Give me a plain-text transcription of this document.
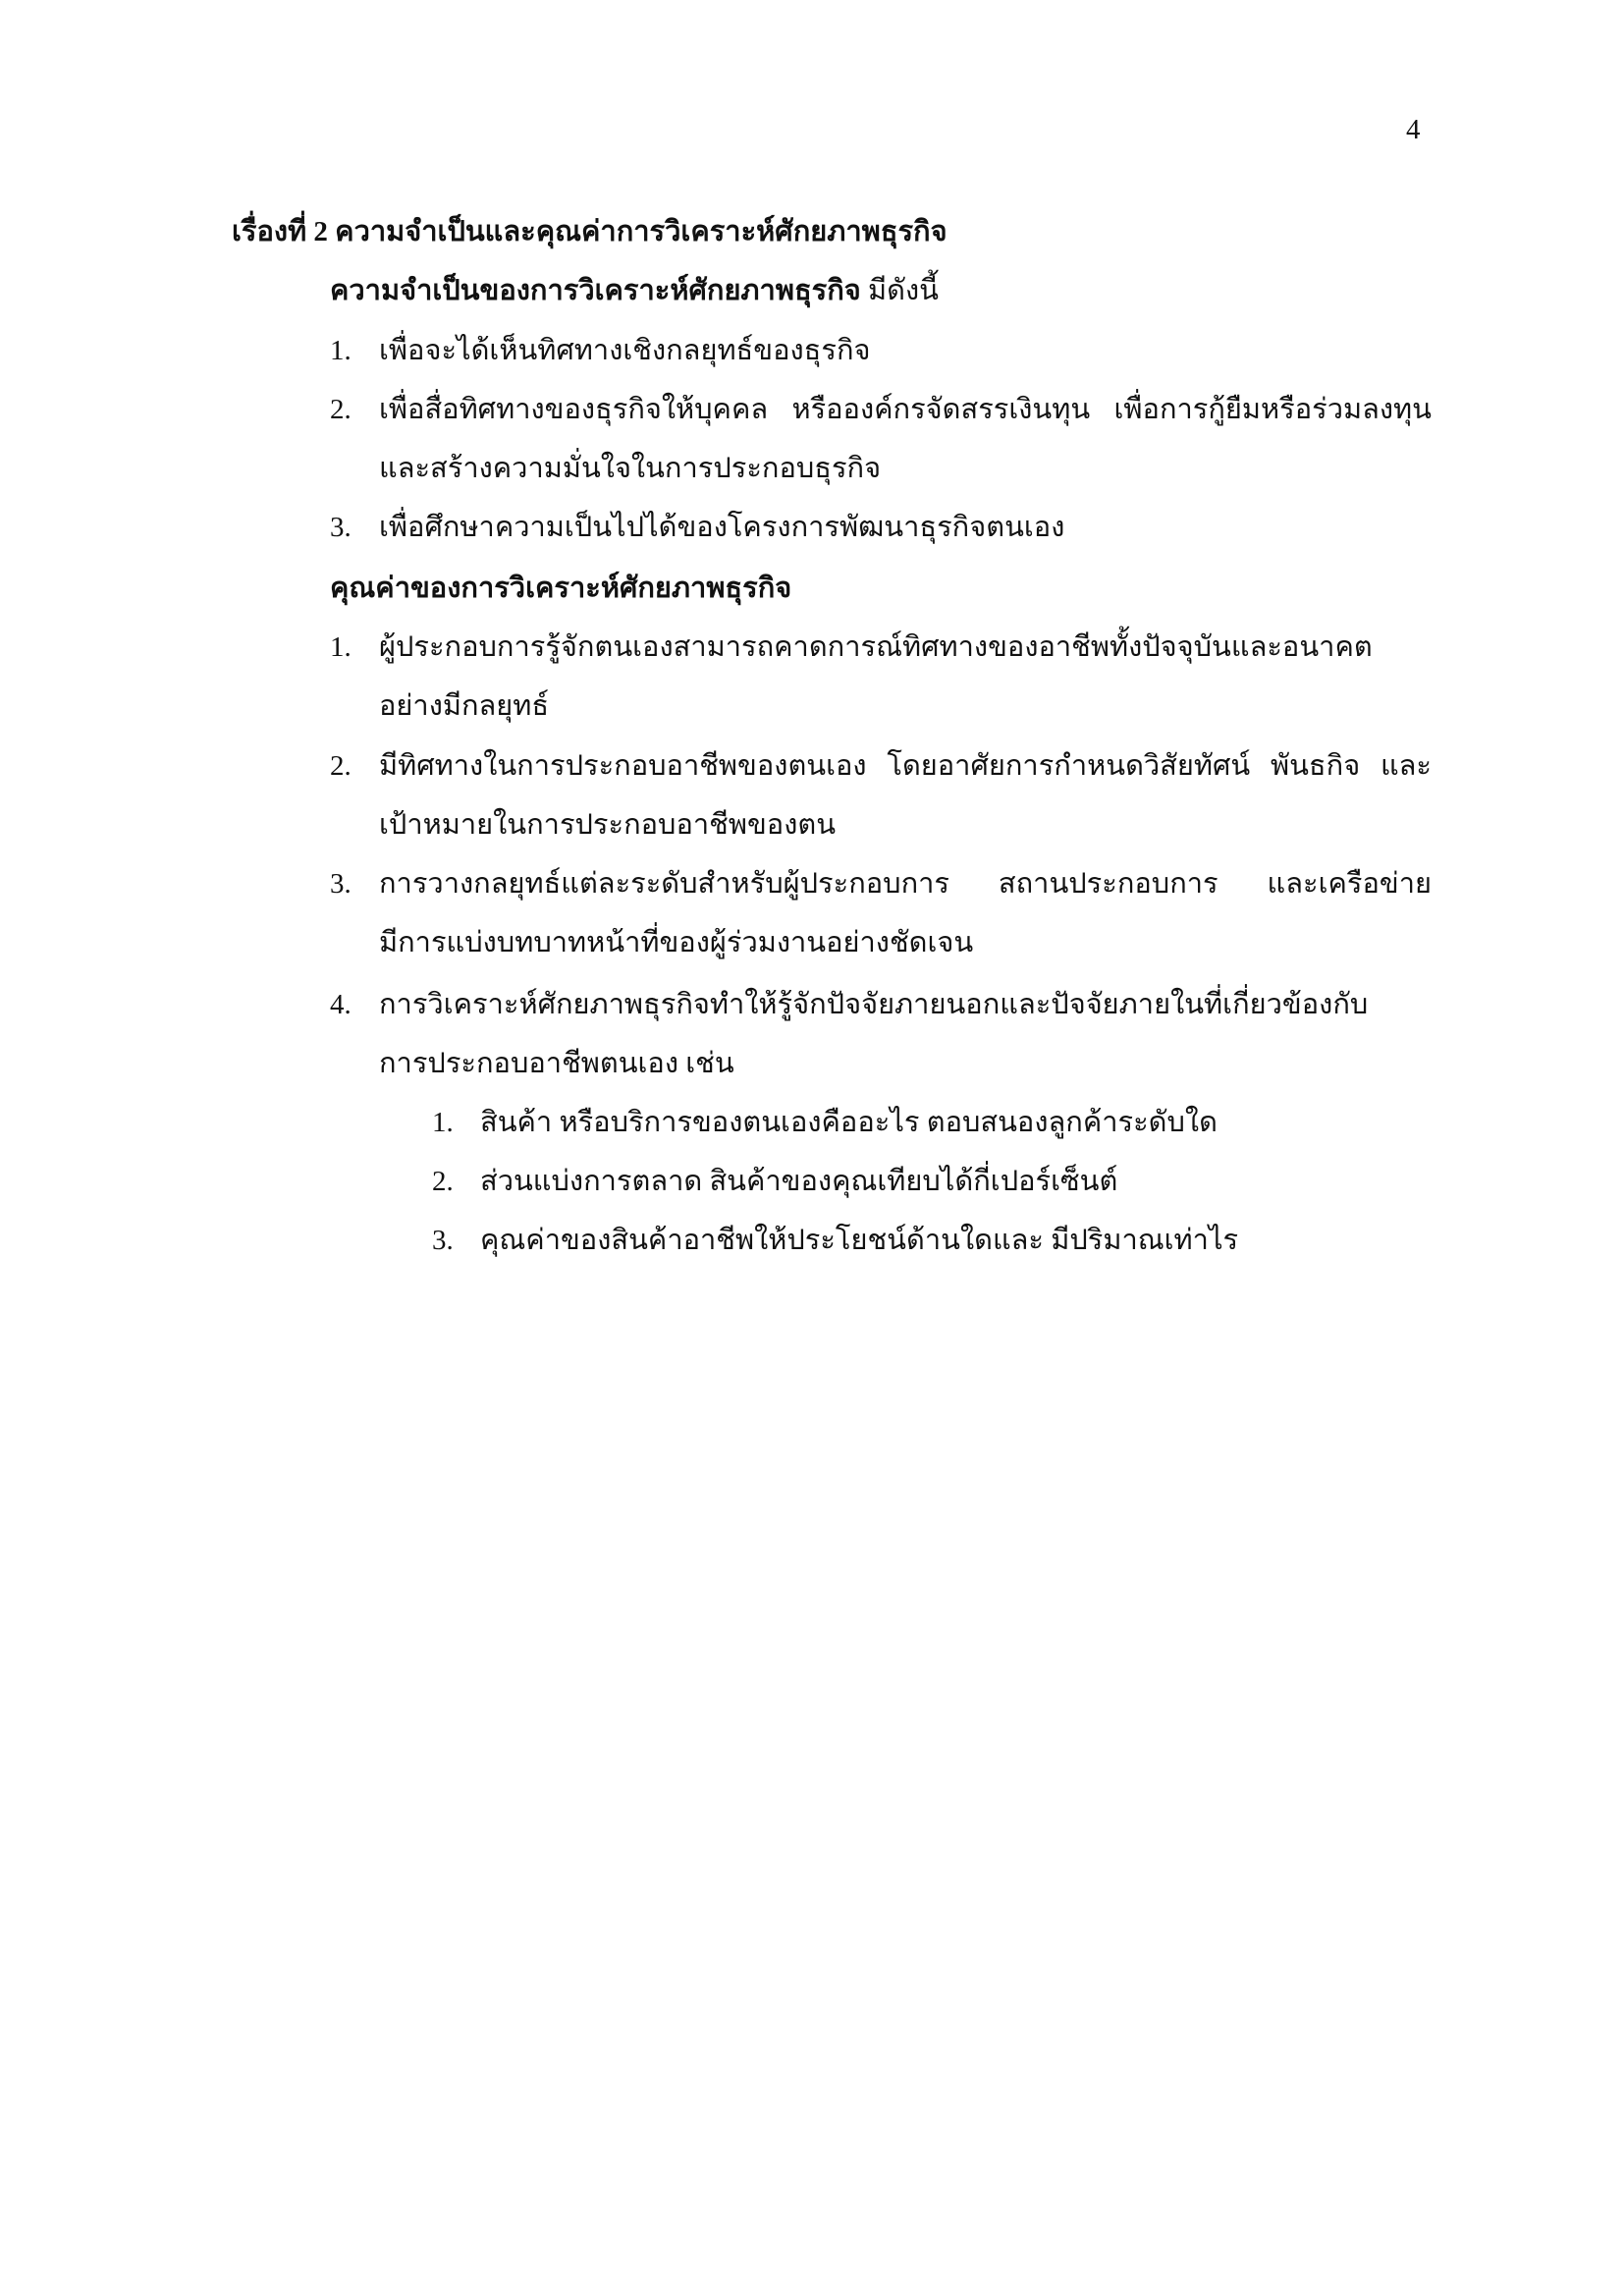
4
เรื่องที่ 2 ความจำเป็นและคุณค่าการวิเคราะห์ศักยภาพธุรกิจ
ความจำเป็นของการวิเคราะห์ศักยภาพธุรกิจ มีดังนี้
1. เพื่อจะได้เห็นทิศทางเชิงกลยุทธ์ของธุรกิจ
2. เพื่อสื่อทิศทางของธุรกิจให้บุคคล หรือองค์กรจัดสรรเงินทุน เพื่อการกู้ยืมหรือร่วมลงทุน
และสร้างความมั่นใจในการประกอบธุรกิจ
3. เพื่อศึกษาความเป็นไปได้ของโครงการพัฒนาธุรกิจตนเอง
คุณค่าของการวิเคราะห์ศักยภาพธุรกิจ
1. ผู้ประกอบการรู้จักตนเองสามารถคาดการณ์ทิศทางของอาชีพทั้งปัจจุบันและอนาคต
อย่างมีกลยุทธ์
2. มีทิศทางในการประกอบอาชีพของตนเอง โดยอาศัยการกำหนดวิสัยทัศน์ พันธกิจ และ
เป้าหมายในการประกอบอาชีพของตน
3. การวางกลยุทธ์แต่ละระดับสำหรับผู้ประกอบการ สถานประกอบการ และเครือข่าย
มีการแบ่งบทบาทหน้าที่ของผู้ร่วมงานอย่างชัดเจน
4. การวิเคราะห์ศักยภาพธุรกิจทำให้รู้จักปัจจัยภายนอกและปัจจัยภายในที่เกี่ยวข้องกับ
การประกอบอาชีพตนเอง เช่น
1. สินค้า หรือบริการของตนเองคืออะไร ตอบสนองลูกค้าระดับใด
2. ส่วนแบ่งการตลาด สินค้าของคุณเทียบได้กี่เปอร์เซ็นต์
3. คุณค่าของสินค้าอาชีพให้ประโยชน์ด้านใดและ มีปริมาณเท่าไร
